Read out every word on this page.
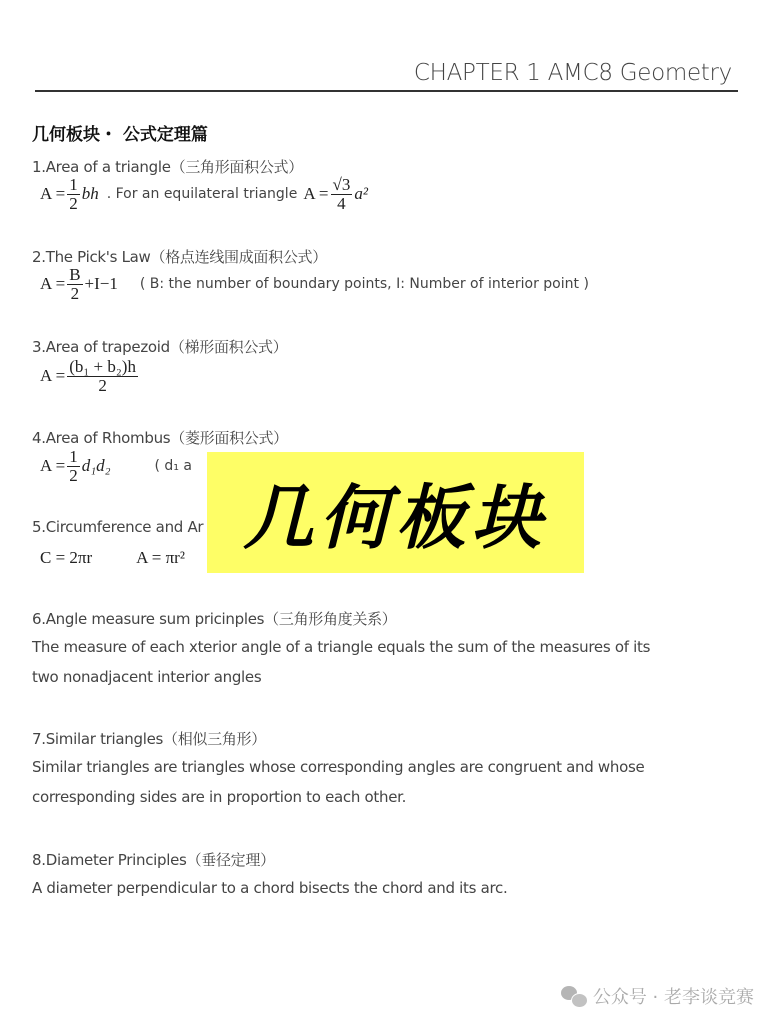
CHAPTER 1 AMC8 Geometry
几何板块・ 公式定理篇
1.Area of a triangle（三角形面积公式）
$A = \frac{1}{2}$ bh . For an equilateral triangle $A = \frac{√3}{4} a^2$
2.The Pick's Law（格点连线围成面积公式）
$A = \frac{B}{2} +I-1$ ( B: the number of boundary points, I: Number of interior point )
3.Area of trapezoid（梯形面积公式）
$A = \frac{\text{(b₁ + b₂)h}}{2}$
4.Area of Rhombus（菱形面积公式）
$A = \frac{1}{2} d_1d_2$	( d₁ a
5.Circumference and Ar
C = 2πr	A = πr²
6.Angle measure sum pricinples（三角形角度关系）
The measure of each xterior angle of a triangle equals the sum of the measures of its
two nonadjacent interior angles
7.Similar triangles（相似三角形）
Similar triangles are triangles whose corresponding angles are congruent and whose
corresponding sides are in proportion to each other.
8.Diameter Principles（垂径定理）
A diameter perpendicular to a chord bisects the chord and its arc.
几何板块
公众号 · 老李谈竞赛
